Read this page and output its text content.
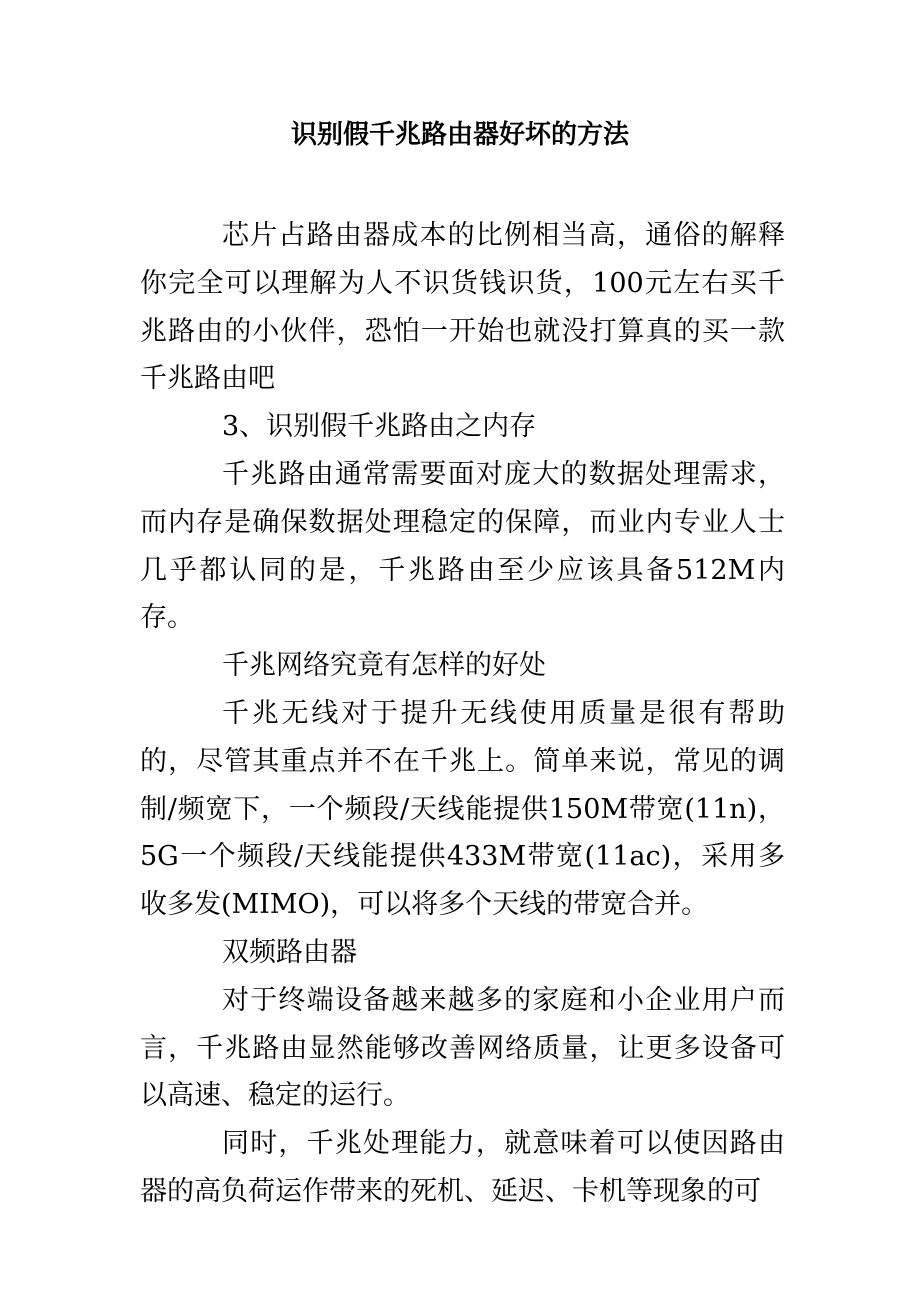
识别假千兆路由器好坏的方法

芯片占路由器成本的比例相当高，通俗的解释你完全可以理解为人不识货钱识货，100元左右买千兆路由的小伙伴，恐怕一开始也就没打算真的买一款千兆路由吧

3、识别假千兆路由之内存

千兆路由通常需要面对庞大的数据处理需求，而内存是确保数据处理稳定的保障，而业内专业人士几乎都认同的是，千兆路由至少应该具备512M内存。

千兆网络究竟有怎样的好处

千兆无线对于提升无线使用质量是很有帮助的，尽管其重点并不在千兆上。简单来说，常见的调制/频宽下，一个频段/天线能提供150M带宽(11n)，5G一个频段/天线能提供433M带宽(11ac)，采用多收多发(MIMO)，可以将多个天线的带宽合并。

双频路由器

对于终端设备越来越多的家庭和小企业用户而言，千兆路由显然能够改善网络质量，让更多设备可以高速、稳定的运行。

同时，千兆处理能力，就意味着可以使因路由器的高负荷运作带来的死机、延迟、卡机等现象的可
